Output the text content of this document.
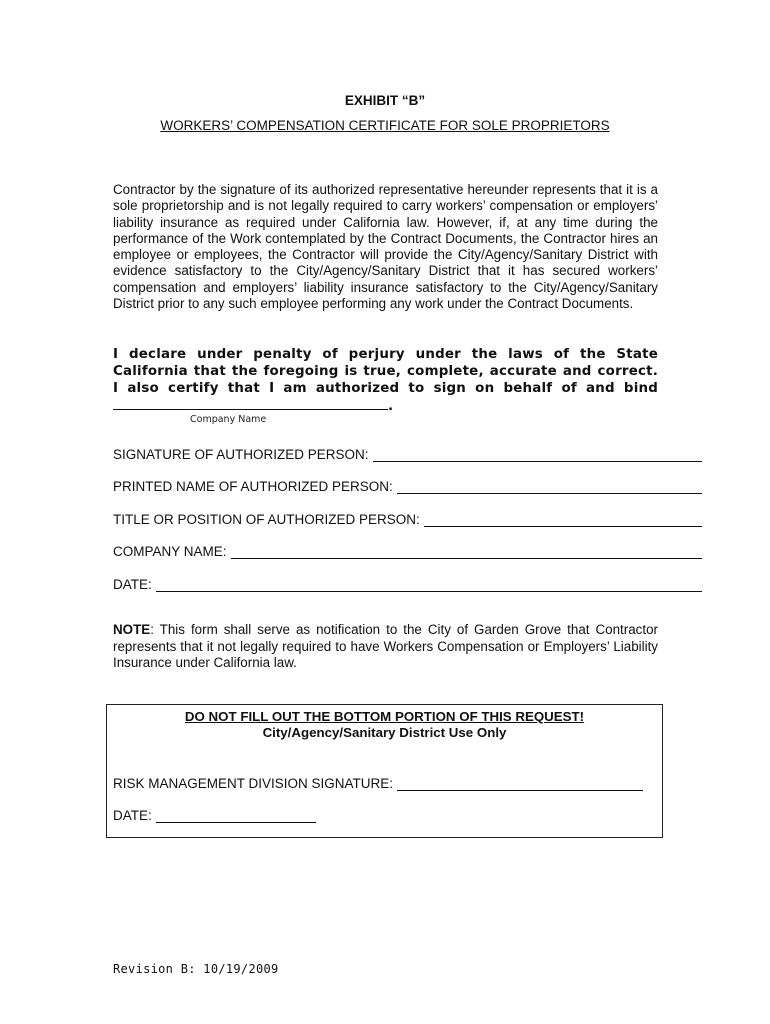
EXHIBIT “B”
WORKERS’ COMPENSATION CERTIFICATE FOR SOLE PROPRIETORS
Contractor by the signature of its authorized representative hereunder represents that it is a sole proprietorship and is not legally required to carry workers’ compensation or employers’ liability insurance as required under California law. However, if, at any time during the performance of the Work contemplated by the Contract Documents, the Contractor hires an employee or employees, the Contractor will provide the City/Agency/Sanitary District with evidence satisfactory to the City/Agency/Sanitary District that it has secured workers’ compensation and employers’ liability insurance satisfactory to the City/Agency/Sanitary District prior to any such employee performing any work under the Contract Documents.
I declare under penalty of perjury under the laws of the State California that the foregoing is true, complete, accurate and correct. I also certify that I am authorized to sign on behalf of and bind.
Company Name
SIGNATURE OF AUTHORIZED PERSON:
PRINTED NAME OF AUTHORIZED PERSON:
TITLE OR POSITION OF AUTHORIZED PERSON:
COMPANY NAME:
DATE:
NOTE: This form shall serve as notification to the City of Garden Grove that Contractor represents that it not legally required to have Workers Compensation or Employers’ Liability Insurance under California law.
DO NOT FILL OUT THE BOTTOM PORTION OF THIS REQUEST!
City/Agency/Sanitary District Use Only
RISK MANAGEMENT DIVISION SIGNATURE:
DATE:
Revision B: 10/19/2009
